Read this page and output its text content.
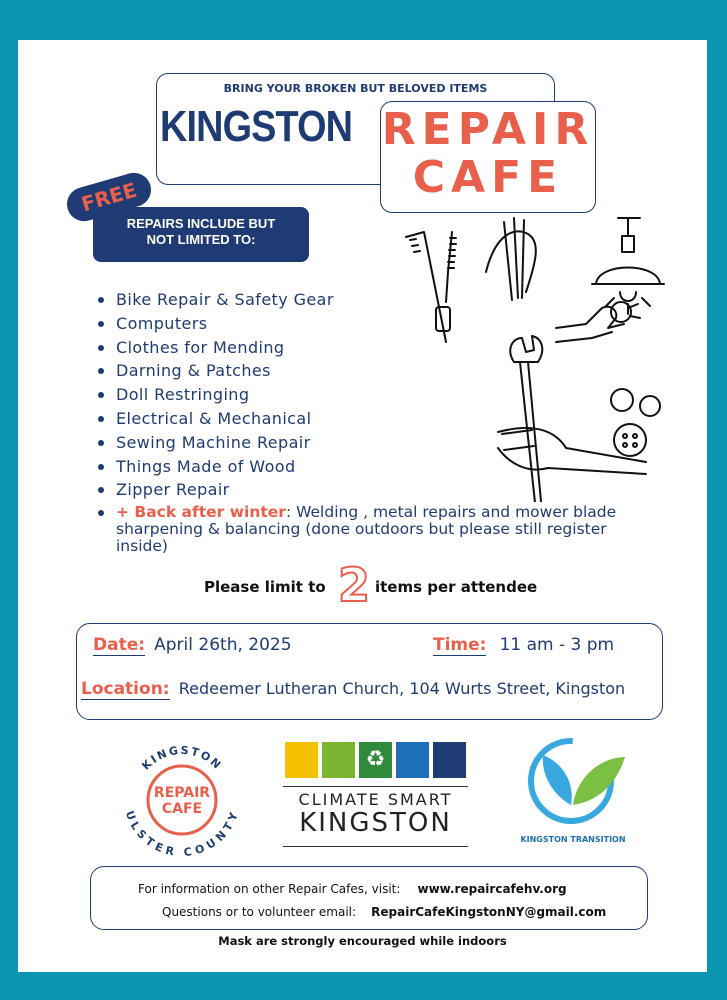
BRING YOUR BROKEN BUT BELOVED ITEMS
KINGSTON REPAIR
CAFE
REPAIRS INCLUDE BUT
NOT LIMITED TO:
FREE
Bike Repair & Safety Gear
Computers
Clothes for Mending
Darning & Patches
Doll Restringing
Electrical & Mechanical
Sewing Machine Repair
Things Made of Wood
Zipper Repair
+ Back after winter: Welding , metal repairs and mower blade sharpening & balancing (done outdoors but please still register inside)
Please limit to 2 items per attendee
Date: April 26th, 2025	Time: 11 am - 3 pm
Location: Redeemer Lutheran Church, 104 Wurts Street, Kingston
KINGSTON
ULSTER COUNTY
REPAIR
CAFE
♻
CLIMATE SMART
KINGSTON
KINGSTON TRANSITION
For information on other Repair Cafes, visit: www.repaircafehv.org
Questions or to volunteer email: RepairCafeKingstonNY@gmail.com
Mask are strongly encouraged while indoors
